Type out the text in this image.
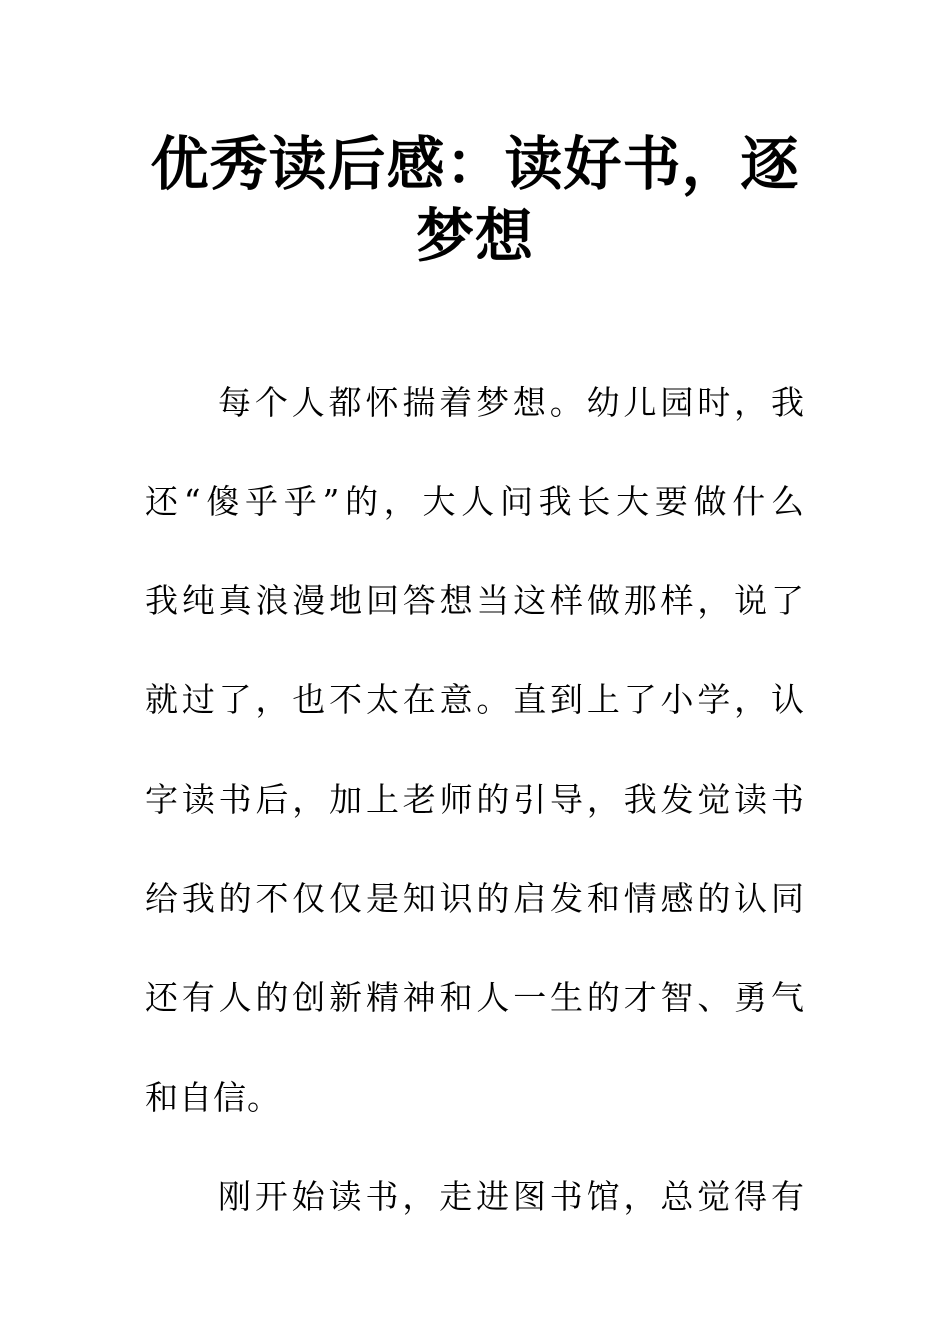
优秀读后感：读好书，逐
梦想
每个人都怀揣着梦想。幼儿园时，我
还“傻乎乎”的，大人问我长大要做什么
我纯真浪漫地回答想当这样做那样，说了
就过了，也不太在意。直到上了小学，认
字读书后，加上老师的引导，我发觉读书
给我的不仅仅是知识的启发和情感的认同
还有人的创新精神和人一生的才智、勇气
和自信。
刚开始读书，走进图书馆，总觉得有
